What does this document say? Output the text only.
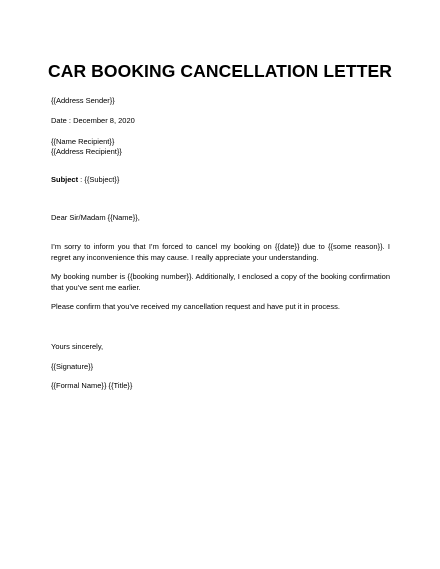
CAR BOOKING CANCELLATION LETTER

{{Address Sender}}

Date : December 8, 2020

{{Name Recipient}}

{{Address Recipient}}

Subject : {{Subject}}

Dear Sir/Madam {{Name}},

I’m sorry to inform you that I’m forced to cancel my booking on {{date}} due to {{some reason}}. I regret any inconvenience this may cause. I really appreciate your understanding.

My booking number is {{booking number}}. Additionally, I enclosed a copy of the booking confirmation that you’ve sent me earlier.

Please confirm that you’ve received my cancellation request and have put it in process.

Yours sincerely,

{{Signature}}

{{Formal Name}} {{Title}}
